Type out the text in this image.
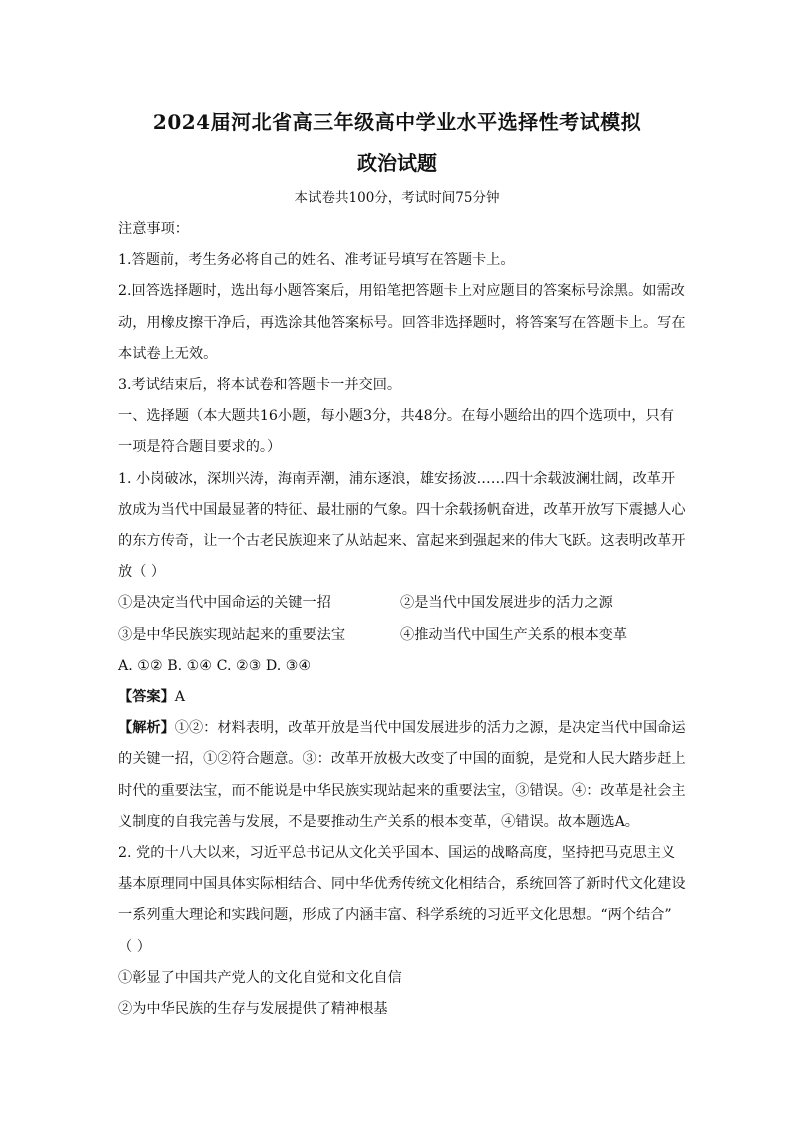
2024届河北省高三年级高中学业水平选择性考试模拟
政治试题
本试卷共100分，考试时间75分钟

注意事项：

1.答题前，考生务必将自己的姓名、准考证号填写在答题卡上。

2.回答选择题时，选出每小题答案后，用铅笔把答题卡上对应题目的答案标号涂黑。如需改

动，用橡皮擦干净后，再选涂其他答案标号。回答非选择题时，将答案写在答题卡上。写在

本试卷上无效。

3.考试结束后，将本试卷和答题卡一并交回。

一、选择题（本大题共16小题，每小题3分，共48分。在每小题给出的四个选项中，只有

一项是符合题目要求的。）

1. 小岗破冰，深圳兴涛，海南弄潮，浦东逐浪，雄安扬波……四十余载波澜壮阔，改革开

放成为当代中国最显著的特征、最壮丽的气象。四十余载扬帆奋进，改革开放写下震撼人心

的东方传奇，让一个古老民族迎来了从站起来、富起来到强起来的伟大飞跃。这表明改革开

放（ ）

①是决定当代中国命运的关键一招	②是当代中国发展进步的活力之源
③是中华民族实现站起来的重要法宝	④推动当代中国生产关系的根本变革

A. ①② B. ①④ C. ②③ D. ③④

【答案】A

【解析】①②：材料表明，改革开放是当代中国发展进步的活力之源，是决定当代中国命运

的关键一招，①②符合题意。③：改革开放极大改变了中国的面貌，是党和人民大踏步赶上

时代的重要法宝，而不能说是中华民族实现站起来的重要法宝，③错误。④：改革是社会主

义制度的自我完善与发展，不是要推动生产关系的根本变革，④错误。故本题选A。

2. 党的十八大以来，习近平总书记从文化关乎国本、国运的战略高度，坚持把马克思主义

基本原理同中国具体实际相结合、同中华优秀传统文化相结合，系统回答了新时代文化建设

一系列重大理论和实践问题，形成了内涵丰富、科学系统的习近平文化思想。“两个结合”

（ ）

①彰显了中国共产党人的文化自觉和文化自信

②为中华民族的生存与发展提供了精神根基
